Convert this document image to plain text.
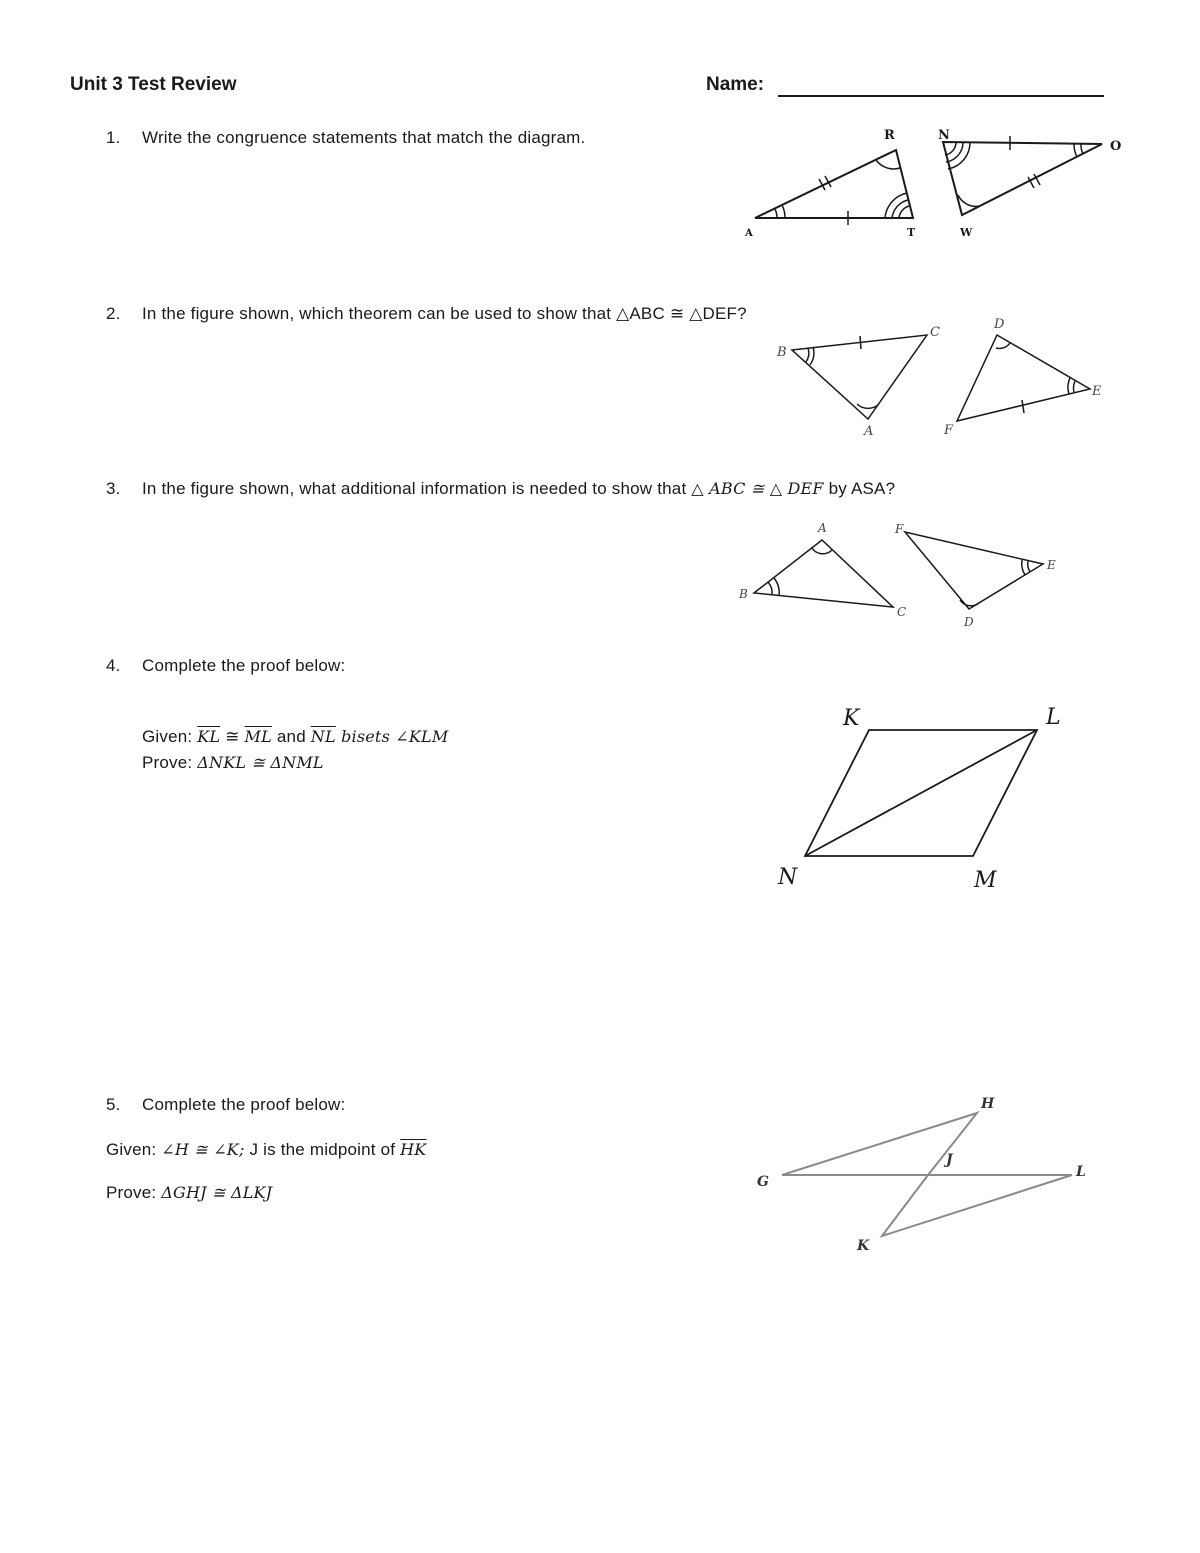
Unit 3 Test Review	Name:
1. Write the congruence statements that match the diagram.
2. In the figure shown, which theorem can be used to show that △ABC ≅ △DEF?
3. In the figure shown, what additional information is needed to show that △ ABC ≅ △ DEF by ASA?
4. Complete the proof below:
Given: $\overline{KL}$ ≅ $\overline{ML}$ and $\overline{NL}$ bisets ∠KLM
Prove: ΔNKL ≅ ΔNML
5. Complete the proof below:
Given: ∠H ≅ ∠K; J is the midpoint of $\overline{HK}$
Prove: ΔGHJ ≅ ΔLKJ
R	N
O
A	T	W
B
C
A
D
E
F
A	F
E
B
C
D
K	L
N	M
H
J
G
L
K
